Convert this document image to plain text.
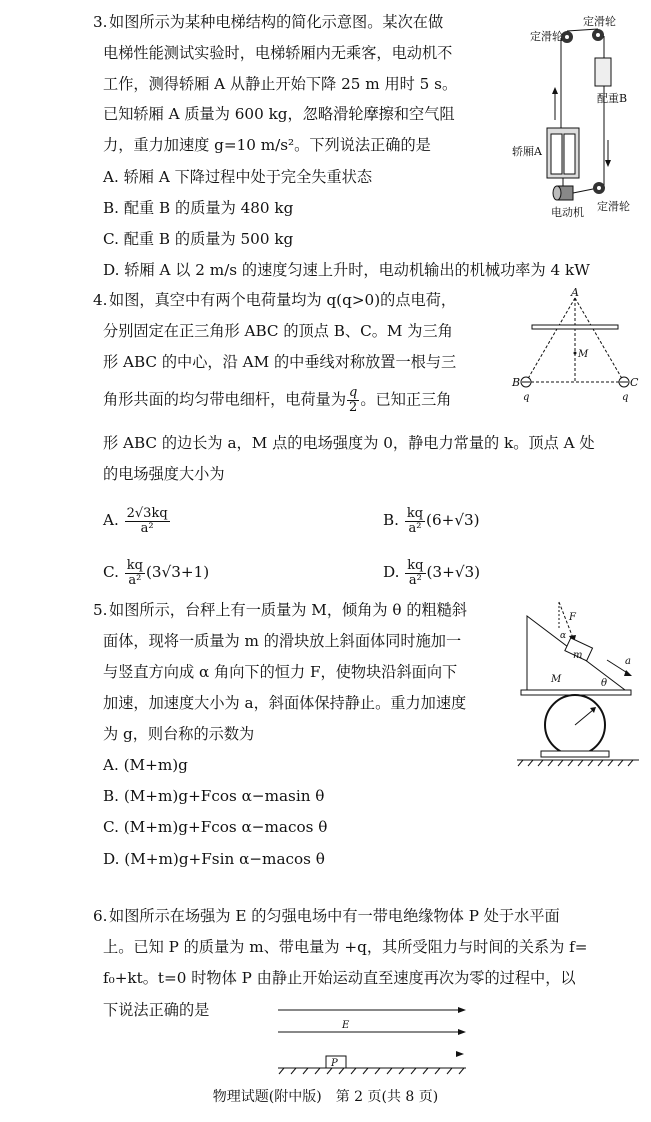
3. 如图所示为某种电梯结构的简化示意图。某次在做
电梯性能测试实验时，电梯轿厢内无乘客，电动机不
工作，测得轿厢 A 从静止开始下降 25 m 用时 5 s。
已知轿厢 A 质量为 600 kg，忽略滑轮摩擦和空气阻
力，重力加速度 g=10 m/s²。下列说法正确的是
A. 轿厢 A 下降过程中处于完全失重状态
B. 配重 B 的质量为 480 kg
C. 配重 B 的质量为 500 kg
D. 轿厢 A 以 2 m/s 的速度匀速上升时，电动机输出的机械功率为 4 kW
定滑轮
定滑轮
配重B
轿厢A
电动机 定滑轮
4. 如图，真空中有两个电荷量均为 q(q>0)的点电荷，
分别固定在正三角形 ABC 的顶点 B、C。M 为三角
形 ABC 的中心，沿 AM 的中垂线对称放置一根与三
角形共面的均匀带电细杆，电荷量为 $\frac{q}{2}$ 。已知正三角
形 ABC 的边长为 a，M 点的电场强度为 0，静电力常量的 k。顶点 A 处
的电场强度大小为
A. $\frac{2√3kq}{\text{a²}}$	B. $\frac{kq}{\text{a²}} (6+√3)$
C. $\frac{kq}{\text{a²}} (3√3+1)$	D. $\frac{kq}{\text{a²}} (3+√3)$
A
M
B	C
q	q
5. 如图所示，台秤上有一质量为 M，倾角为 θ 的粗糙斜
面体，现将一质量为 m 的滑块放上斜面体同时施加一
与竖直方向成 α 角向下的恒力 F，使物块沿斜面向下
加速，加速度大小为 a，斜面体保持静止。重力加速度
为 g，则台称的示数为
A. (M+m)g
B. (M+m)g+Fcos α−masin θ
C. (M+m)g+Fcos α−macos θ
D. (M+m)g+Fsin α−macos θ
F
α
m
a
M	θ
6. 如图所示在场强为 E 的匀强电场中有一带电绝缘物体 P 处于水平面
上。已知 P 的质量为 m、带电量为 +q，其所受阻力与时间的关系为 f=
f₀+kt。t=0 时物体 P 由静止开始运动直至速度再次为零的过程中，以
下说法正确的是
E
P
物理试题(附中版)　第 2 页(共 8 页)
